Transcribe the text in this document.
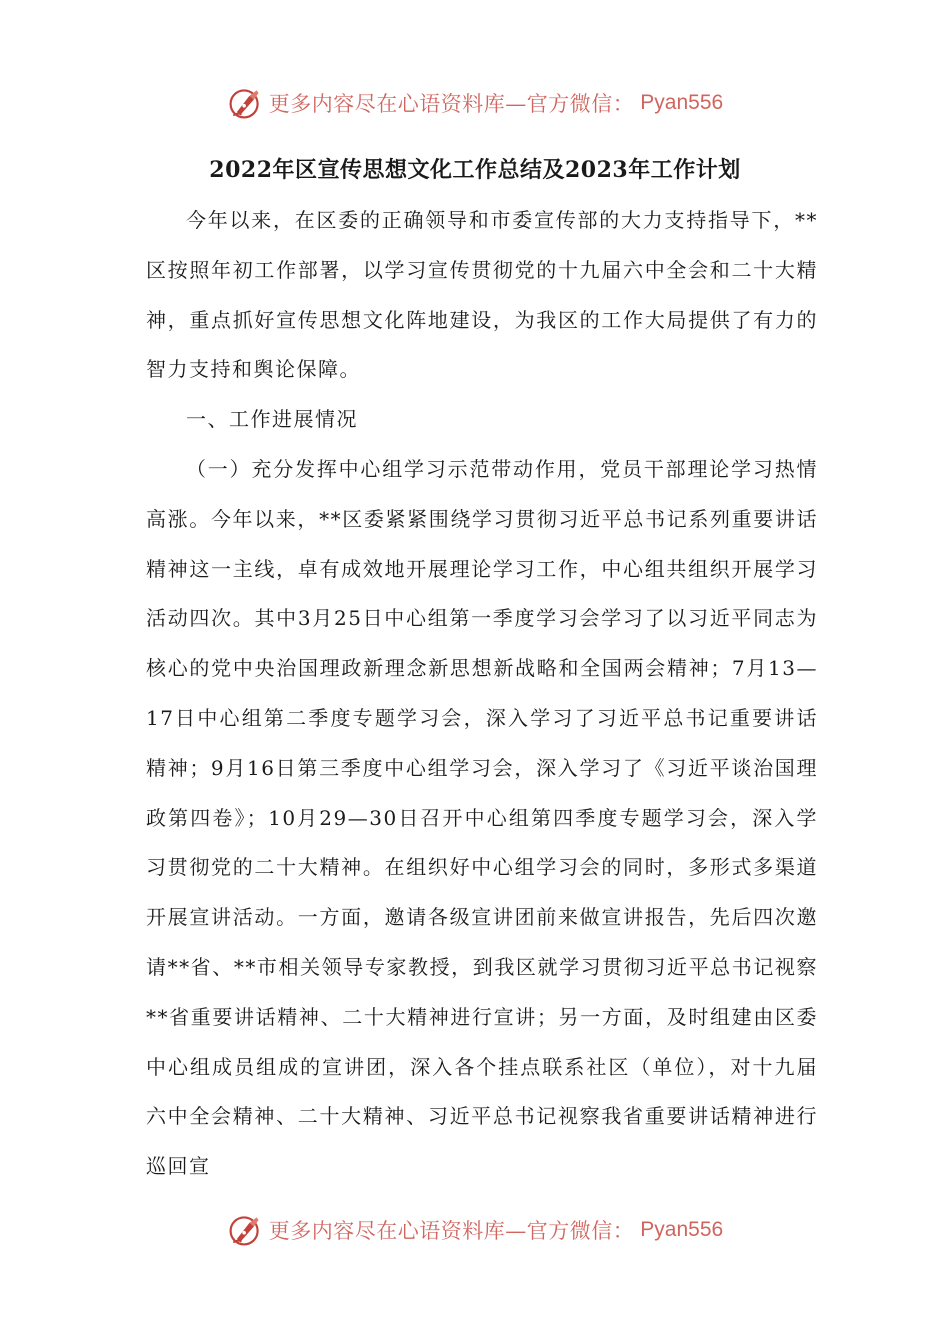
更多内容尽在心语资料库—官方微信： Pyan556
2022年区宣传思想文化工作总结及2023年工作计划

今年以来，在区委的正确领导和市委宣传部的大力支持指导下，**区按照年初工作部署，以学习宣传贯彻党的十九届六中全会和二十大精神，重点抓好宣传思想文化阵地建设，为我区的工作大局提供了有力的智力支持和舆论保障。

一、工作进展情况

（一）充分发挥中心组学习示范带动作用，党员干部理论学习热情高涨。今年以来，**区委紧紧围绕学习贯彻习近平总书记系列重要讲话精神这一主线，卓有成效地开展理论学习工作，中心组共组织开展学习活动四次。其中3月25日中心组第一季度学习会学习了以习近平同志为核心的党中央治国理政新理念新思想新战略和全国两会精神；7月13—17日中心组第二季度专题学习会，深入学习了习近平总书记重要讲话精神；9月16日第三季度中心组学习会，深入学习了《习近平谈治国理政第四卷》；10月29—30日召开中心组第四季度专题学习会，深入学习贯彻党的二十大精神。在组织好中心组学习会的同时，多形式多渠道开展宣讲活动。一方面，邀请各级宣讲团前来做宣讲报告，先后四次邀请**省、**市相关领导专家教授，到我区就学习贯彻习近平总书记视察**省重要讲话精神、二十大精神进行宣讲；另一方面，及时组建由区委中心组成员组成的宣讲团，深入各个挂点联系社区（单位），对十九届六中全会精神、二十大精神、习近平总书记视察我省重要讲话精神进行巡回宣

更多内容尽在心语资料库—官方微信： Pyan556
